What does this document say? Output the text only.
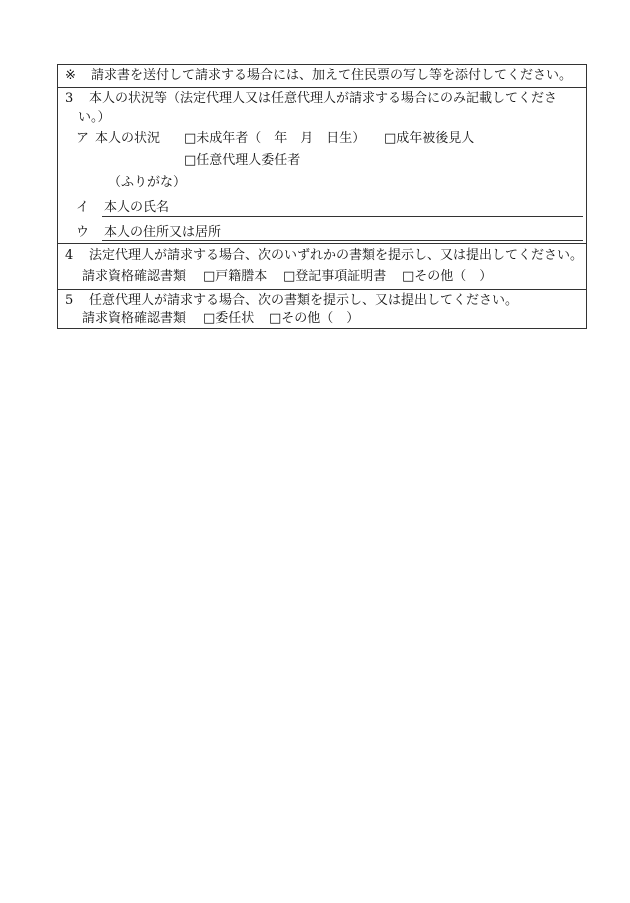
※ 請求書を送付して請求する場合には、加えて住民票の写し等を添付してください。
3 本人の状況等（法定代理人又は任意代理人が請求する場合にのみ記載してくださ
い。）
ア 本人の状況 □未成年者（　年　月　日生） □成年被後見人
□任意代理人委任者
（ふりがな）
イ 本人の氏名
ウ 本人の住所又は居所
4 法定代理人が請求する場合、次のいずれかの書類を提示し、又は提出してください。
請求資格確認書類 □戸籍謄本 □登記事項証明書 □その他（　）
5 任意代理人が請求する場合、次の書類を提示し、又は提出してください。
請求資格確認書類 □委任状 □その他（　）
